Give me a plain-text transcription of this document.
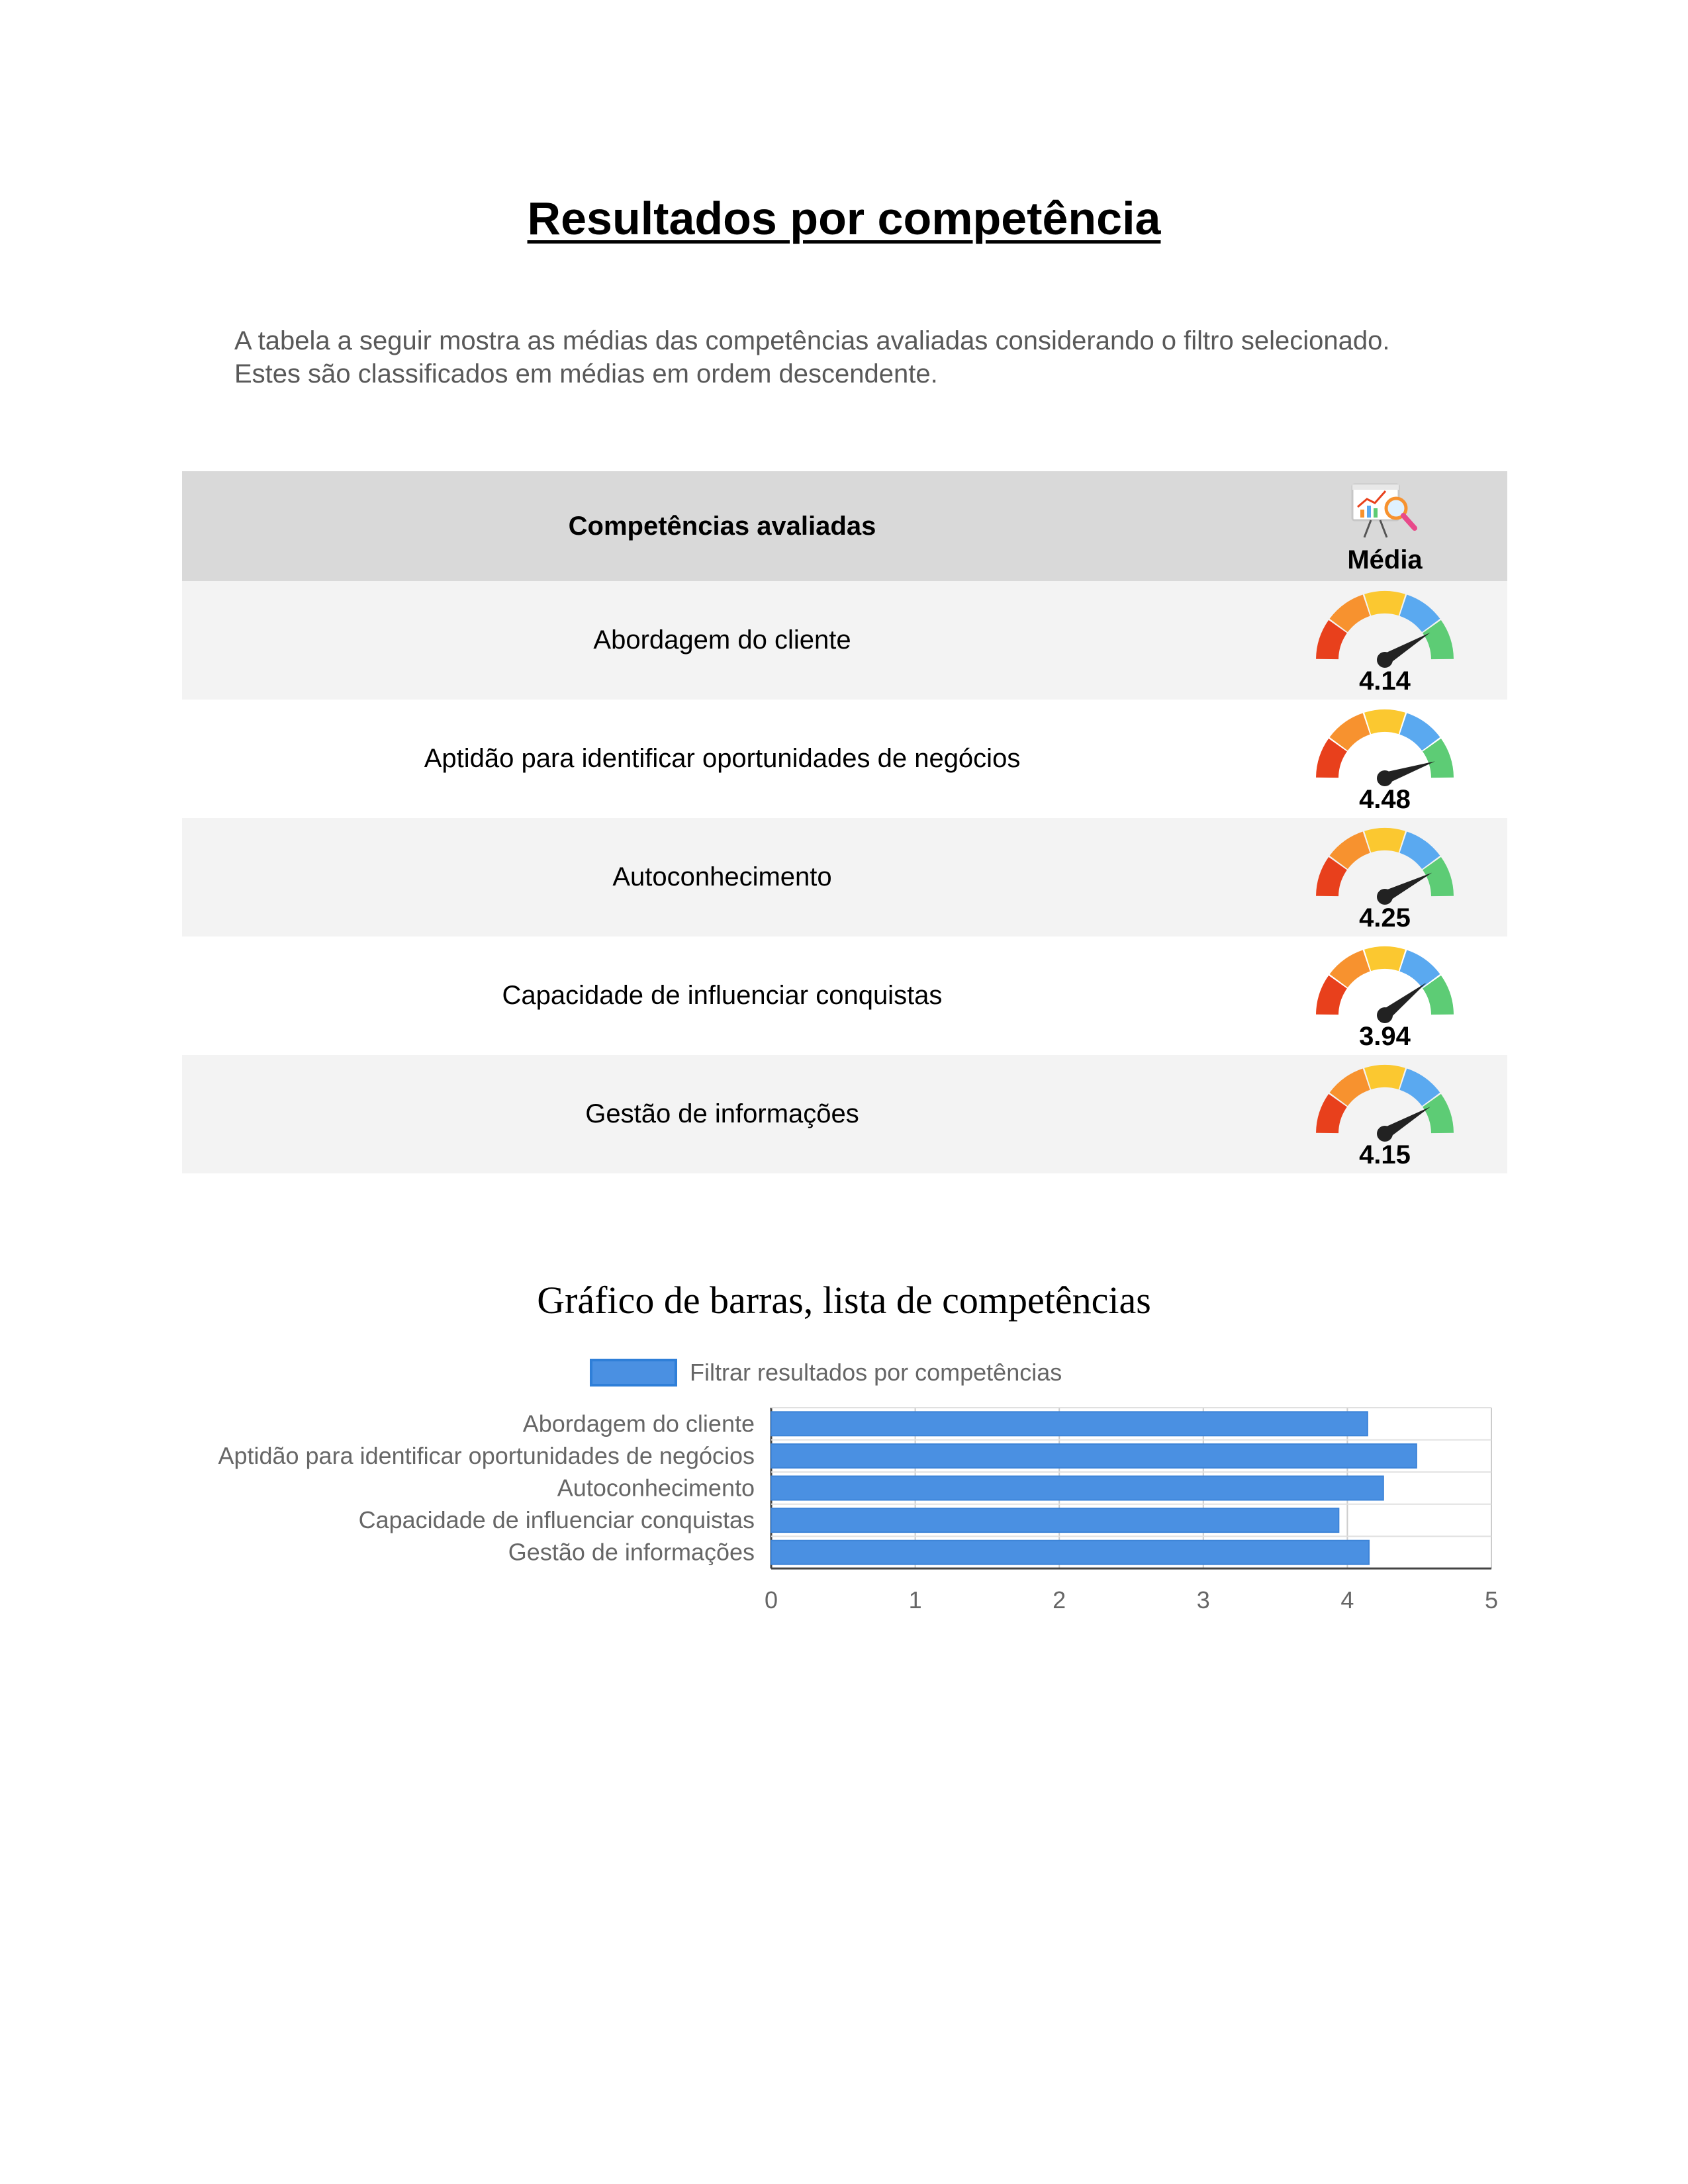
Resultados por competência
A tabela a seguir mostra as médias das competências avaliadas considerando o filtro selecionado.
Estes são classificados em médias em ordem descendente.
Competências avaliadas	Média

Abordagem do cliente	4.14

Aptidão para identificar oportunidades de negócios	4.48

Autoconhecimento	4.25

Capacidade de influenciar conquistas	3.94

Gestão de informações	4.15
Gráfico de barras, lista de competências
Filtrar resultados por competências
0	1	2	3	4	5
Abordagem do cliente
Aptidão para identificar oportunidades de negócios
Autoconhecimento
Capacidade de influenciar conquistas
Gestão de informações
